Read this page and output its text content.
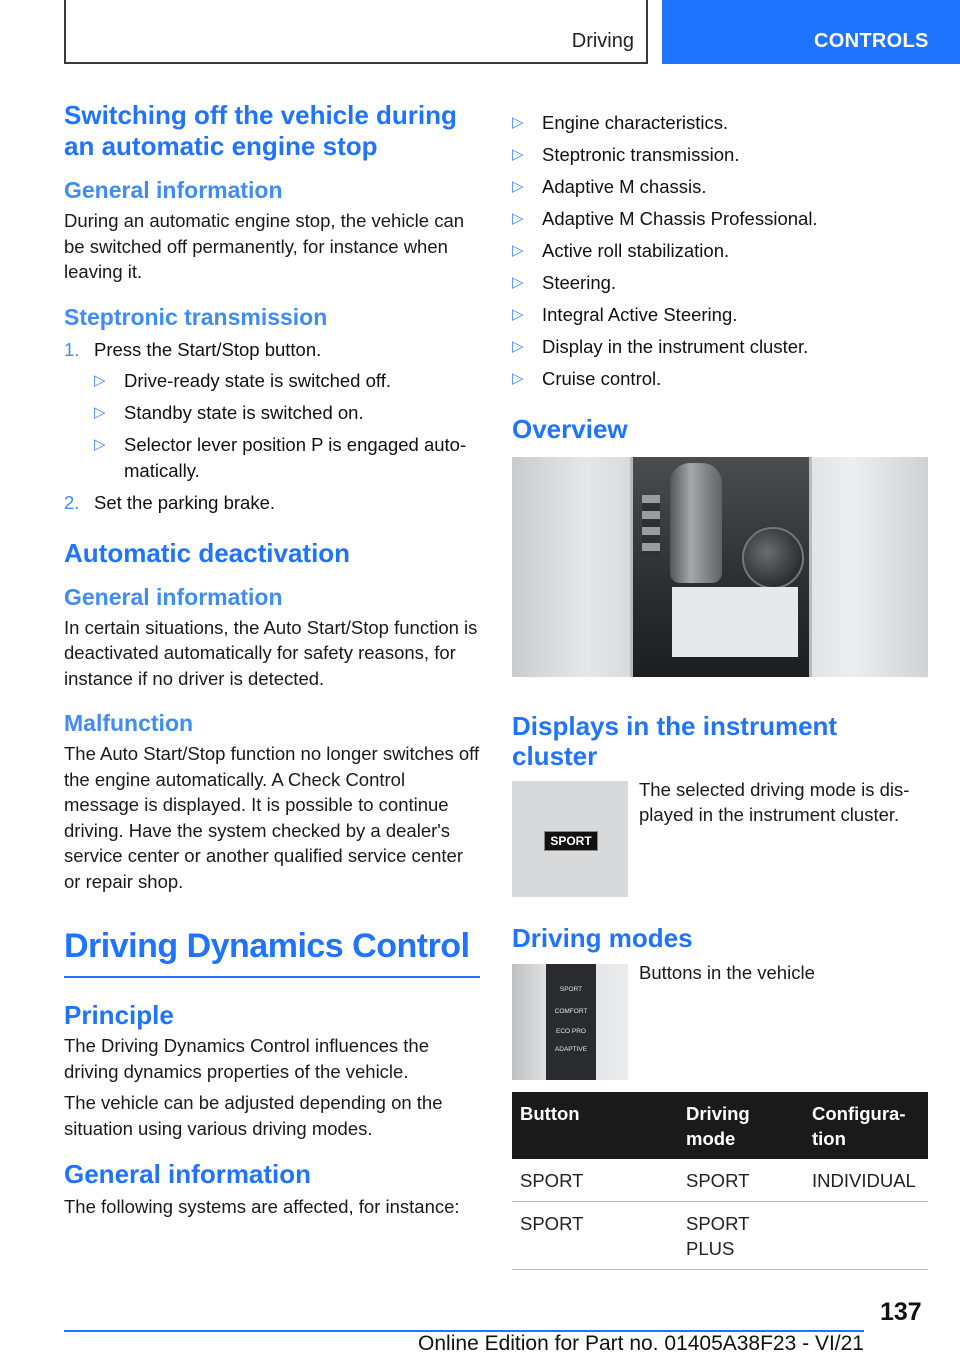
Driving	CONTROLS
Switching off the vehicle during an automatic engine stop
General information

During an automatic engine stop, the vehicle can be switched off permanently, for instance when leaving it.

Steptronic transmission
1. Press the Start/Stop button.
▷ Drive-ready state is switched off.
▷ Standby state is switched on.
▷ Selector lever position P is engaged automatically.
2. Set the parking brake.
Automatic deactivation
General information

In certain situations, the Auto Start/Stop function is deactivated automatically for safety reasons, for instance if no driver is detected.

Malfunction

The Auto Start/Stop function no longer switches off the engine automatically. A Check Control message is displayed. It is possible to continue driving. Have the system checked by a dealer's service center or another qualified service center or repair shop.

Driving Dynamics Control
Principle

The Driving Dynamics Control influences the driving dynamics properties of the vehicle.

The vehicle can be adjusted depending on the situation using various driving modes.

General information

The following systems are affected, for instance:

▷ Engine characteristics.
▷ Steptronic transmission.
▷ Adaptive M chassis.
▷ Adaptive M Chassis Professional.
▷ Active roll stabilization.
▷ Steering.
▷ Integral Active Steering.
▷ Display in the instrument cluster.
▷ Cruise control.
Overview
Displays in the instrument cluster
SPORT

The selected driving mode is displayed in the instrument cluster.

Driving modes
SPORT
COMFORT
ECO PRO
ADAPTIVE

Buttons in the vehicle

Button	Driving mode	Configuration
SPORT	SPORT	INDIVIDUAL
SPORT	SPORT PLUS	
137
Online Edition for Part no. 01405A38F23 - VI/21
